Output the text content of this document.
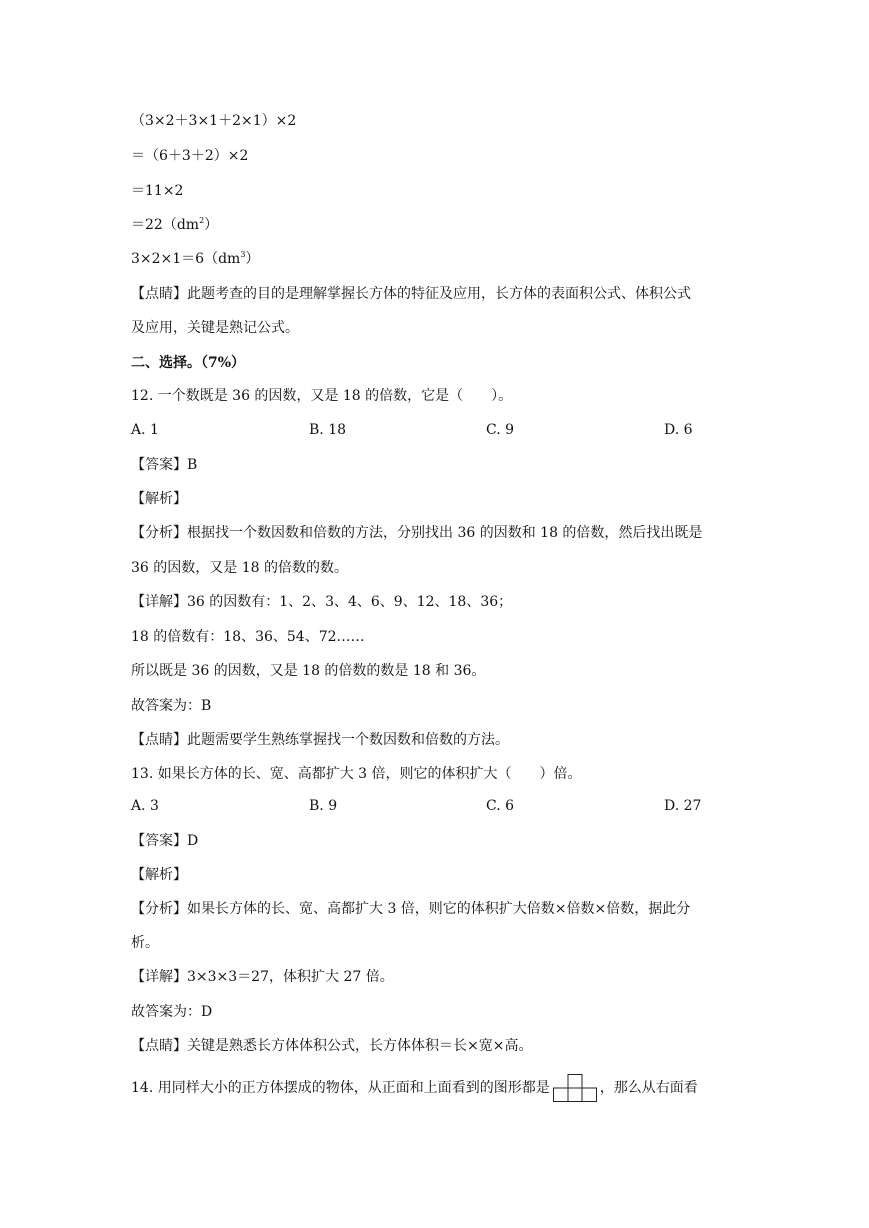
（3×2＋3×1＋2×1）×2
＝（6＋3＋2）×2
＝11×2
$=22(dm^2)$
$3\times 2\times 1=6(dm^3)$
【点睛】此题考查的目的是理解掌握长方体的特征及应用，长方体的表面积公式、体积公式
及应用，关键是熟记公式。
二、选择。（7%）
12. 一个数既是 36 的因数，又是 18 的倍数，它是（　　）。
A. 1	B. 18	C. 9	D. 6
【答案】B
【解析】
【分析】根据找一个数因数和倍数的方法，分别找出 36 的因数和 18 的倍数，然后找出既是
36 的因数，又是 18 的倍数的数。
【详解】36 的因数有：1、2、3、4、6、9、12、18、36；
18 的倍数有：18、36、54、72……
所以既是 36 的因数，又是 18 的倍数的数是 18 和 36。
故答案为：B
【点睛】此题需要学生熟练掌握找一个数因数和倍数的方法。
13. 如果长方体的长、宽、高都扩大 3 倍，则它的体积扩大（　　）倍。
A. 3	B. 9	C. 6	D. 27
【答案】D
【解析】
【分析】如果长方体的长、宽、高都扩大 3 倍，则它的体积扩大倍数×倍数×倍数，据此分
析。
【详解】3×3×3＝27，体积扩大 27 倍。
故答案为：D
【点睛】关键是熟悉长方体体积公式，长方体体积＝长×宽×高。
14. 用同样大小的正方体摆成的物体，从正面和上面看到的图形都是	，那么从右面看
